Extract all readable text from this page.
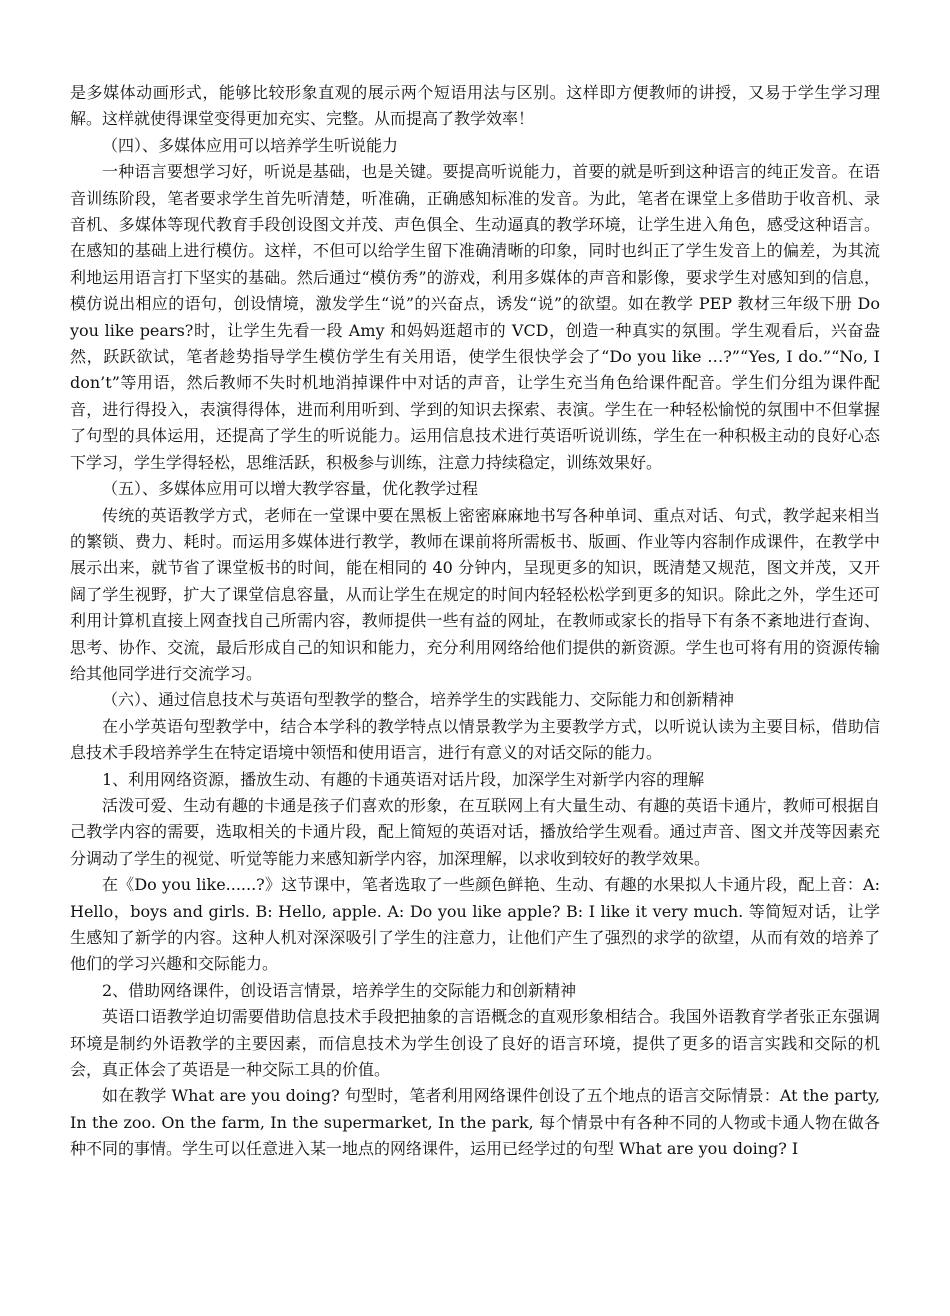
是多媒体动画形式，能够比较形象直观的展示两个短语用法与区别。这样即方便教师的讲授，又易于学生学习理解。这样就使得课堂变得更加充实、完整。从而提高了教学效率！

（四）、多媒体应用可以培养学生听说能力

一种语言要想学习好，听说是基础，也是关键。要提高听说能力，首要的就是听到这种语言的纯正发音。在语音训练阶段，笔者要求学生首先听清楚，听准确，正确感知标准的发音。为此，笔者在课堂上多借助于收音机、录音机、多媒体等现代教育手段创设图文并茂、声色俱全、生动逼真的教学环境，让学生进入角色，感受这种语言。在感知的基础上进行模仿。这样，不但可以给学生留下准确清晰的印象，同时也纠正了学生发音上的偏差，为其流利地运用语言打下坚实的基础。然后通过“模仿秀”的游戏，利用多媒体的声音和影像，要求学生对感知到的信息，模仿说出相应的语句，创设情境，激发学生“说”的兴奋点，诱发“说”的欲望。如在教学 PEP 教材三年级下册 Do you like pears?时，让学生先看一段 Amy 和妈妈逛超市的 VCD，创造一种真实的氛围。学生观看后，兴奋盎然，跃跃欲试，笔者趁势指导学生模仿学生有关用语，使学生很快学会了“Do you like …?”“Yes, I do.”“No, I don’t”等用语，然后教师不失时机地消掉课件中对话的声音，让学生充当角色给课件配音。学生们分组为课件配音，进行得投入，表演得得体，进而利用听到、学到的知识去探索、表演。学生在一种轻松愉悦的氛围中不但掌握了句型的具体运用，还提高了学生的听说能力。运用信息技术进行英语听说训练，学生在一种积极主动的良好心态下学习，学生学得轻松，思维活跃，积极参与训练，注意力持续稳定，训练效果好。

（五）、多媒体应用可以增大教学容量，优化教学过程

传统的英语教学方式，老师在一堂课中要在黑板上密密麻麻地书写各种单词、重点对话、句式，教学起来相当的繁锁、费力、耗时。而运用多媒体进行教学，教师在课前将所需板书、版画、作业等内容制作成课件，在教学中展示出来，就节省了课堂板书的时间，能在相同的 40 分钟内，呈现更多的知识，既清楚又规范，图文并茂，又开阔了学生视野，扩大了课堂信息容量，从而让学生在规定的时间内轻轻松松学到更多的知识。除此之外，学生还可利用计算机直接上网查找自己所需内容，教师提供一些有益的网址，在教师或家长的指导下有条不紊地进行查询、思考、协作、交流，最后形成自己的知识和能力，充分利用网络给他们提供的新资源。学生也可将有用的资源传输给其他同学进行交流学习。

（六）、通过信息技术与英语句型教学的整合，培养学生的实践能力、交际能力和创新精神

在小学英语句型教学中，结合本学科的教学特点以情景教学为主要教学方式，以听说认读为主要目标，借助信息技术手段培养学生在特定语境中领悟和使用语言，进行有意义的对话交际的能力。

1、利用网络资源，播放生动、有趣的卡通英语对话片段，加深学生对新学内容的理解

活泼可爱、生动有趣的卡通是孩子们喜欢的形象，在互联网上有大量生动、有趣的英语卡通片，教师可根据自己教学内容的需要，选取相关的卡通片段，配上简短的英语对话，播放给学生观看。通过声音、图文并茂等因素充分调动了学生的视觉、听觉等能力来感知新学内容，加深理解，以求收到较好的教学效果。

在《Do you like......?》这节课中，笔者选取了一些颜色鲜艳、生动、有趣的水果拟人卡通片段，配上音：A: Hello，boys and girls. B: Hello, apple. A: Do you like apple? B: I like it very much. 等简短对话，让学生感知了新学的内容。这种人机对深深吸引了学生的注意力，让他们产生了强烈的求学的欲望，从而有效的培养了他们的学习兴趣和交际能力。

2、借助网络课件，创设语言情景，培养学生的交际能力和创新精神

英语口语教学迫切需要借助信息技术手段把抽象的言语概念的直观形象相结合。我国外语教育学者张正东强调环境是制约外语教学的主要因素，而信息技术为学生创设了良好的语言环境，提供了更多的语言实践和交际的机会，真正体会了英语是一种交际工具的价值。

如在教学 What are you doing? 句型时，笔者利用网络课件创设了五个地点的语言交际情景：At the party, In the zoo. On the farm, In the supermarket, In the park, 每个情景中有各种不同的人物或卡通人物在做各种不同的事情。学生可以任意进入某一地点的网络课件，运用已经学过的句型 What are you doing? I
